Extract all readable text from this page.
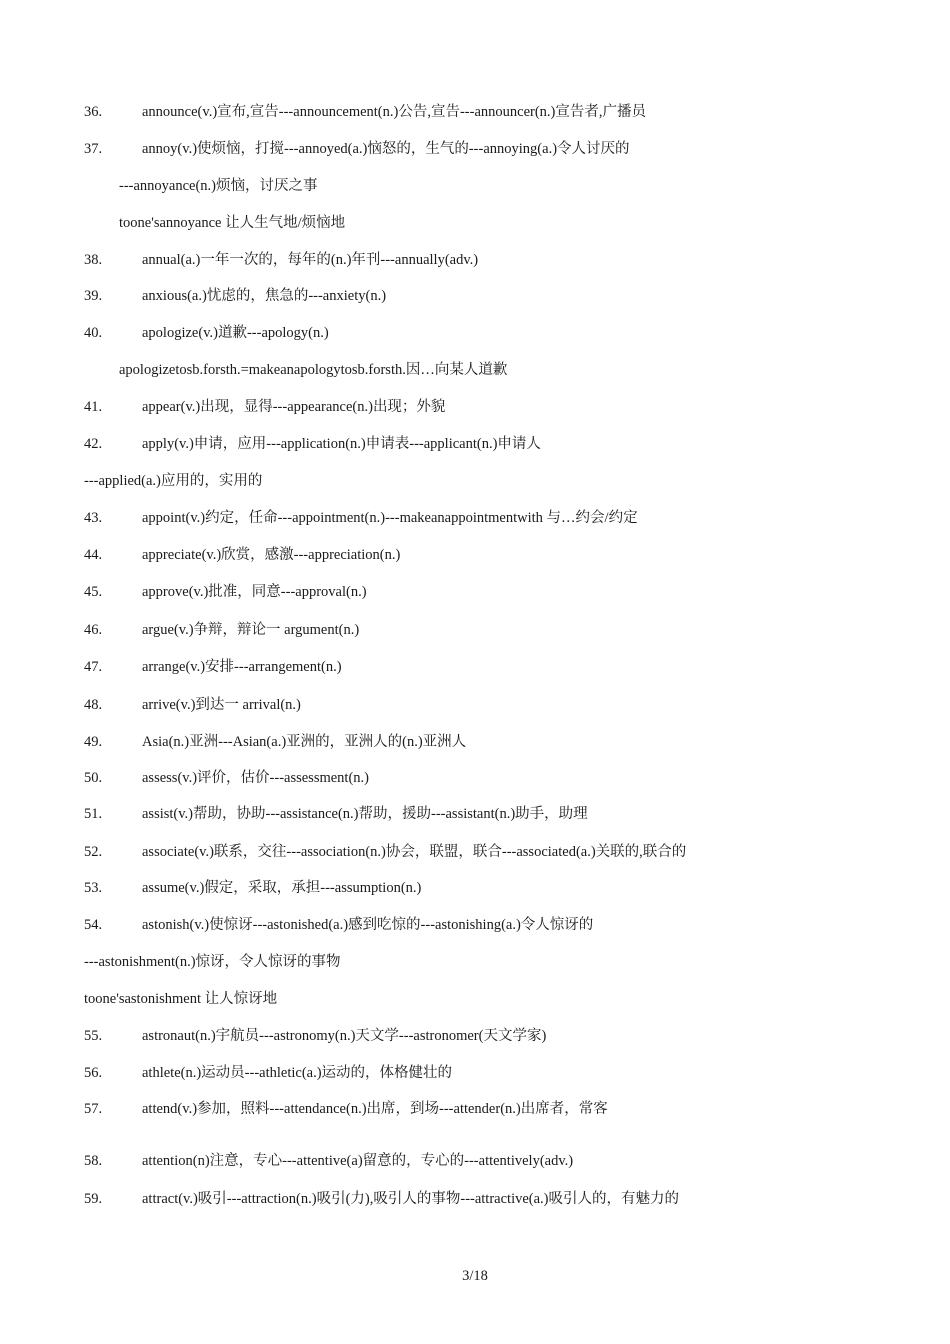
36.	announce(v.)宣布,宣告---announcement(n.)公告,宣告---announcer(n.)宣告者,广播员
37.	annoy(v.)使烦恼，打搅---annoyed(a.)恼怒的，生气的---annoying(a.)令人讨厌的
---annoyance(n.)烦恼，讨厌之事
toone'sannoyance 让人生气地/烦恼地
38.	annual(a.)一年一次的，每年的(n.)年刊---annually(adv.)
39.	anxious(a.)忧虑的，焦急的---anxiety(n.)
40.	apologize(v.)道歉---apology(n.)
apologizetosb.forsth.=makeanapologytosb.forsth.因…向某人道歉
41.	appear(v.)出现，显得---appearance(n.)出现；外貌
42.	apply(v.)申请，应用---application(n.)申请表---applicant(n.)申请人
---applied(a.)应用的，实用的
43.	appoint(v.)约定，任命---appointment(n.)---makeanappointmentwith 与…约会/约定
44.	appreciate(v.)欣赏，感激---appreciation(n.)
45.	approve(v.)批准，同意---approval(n.)
46.	argue(v.)争辩，辩论一 argument(n.)
47.	arrange(v.)安排---arrangement(n.)
48.	arrive(v.)到达一 arrival(n.)
49.	Asia(n.)亚洲---Asian(a.)亚洲的，亚洲人的(n.)亚洲人
50.	assess(v.)评价，估价---assessment(n.)
51.	assist(v.)帮助，协助---assistance(n.)帮助，援助---assistant(n.)助手，助理
52.	associate(v.)联系，交往---association(n.)协会，联盟，联合---associated(a.)关联的,联合的
53.	assume(v.)假定，采取，承担---assumption(n.)
54.	astonish(v.)使惊讶---astonished(a.)感到吃惊的---astonishing(a.)令人惊讶的
---astonishment(n.)惊讶，令人惊讶的事物
toone'sastonishment 让人惊讶地
55.	astronaut(n.)宇航员---astronomy(n.)天文学---astronomer(天文学家)
56.	athlete(n.)运动员---athletic(a.)运动的，体格健壮的
57.	attend(v.)参加，照料---attendance(n.)出席，到场---attender(n.)出席者，常客
58.	attention(n)注意，专心---attentive(a)留意的，专心的---attentively(adv.)
59.	attract(v.)吸引---attraction(n.)吸引(力),吸引人的事物---attractive(a.)吸引人的，有魅力的
3/18
